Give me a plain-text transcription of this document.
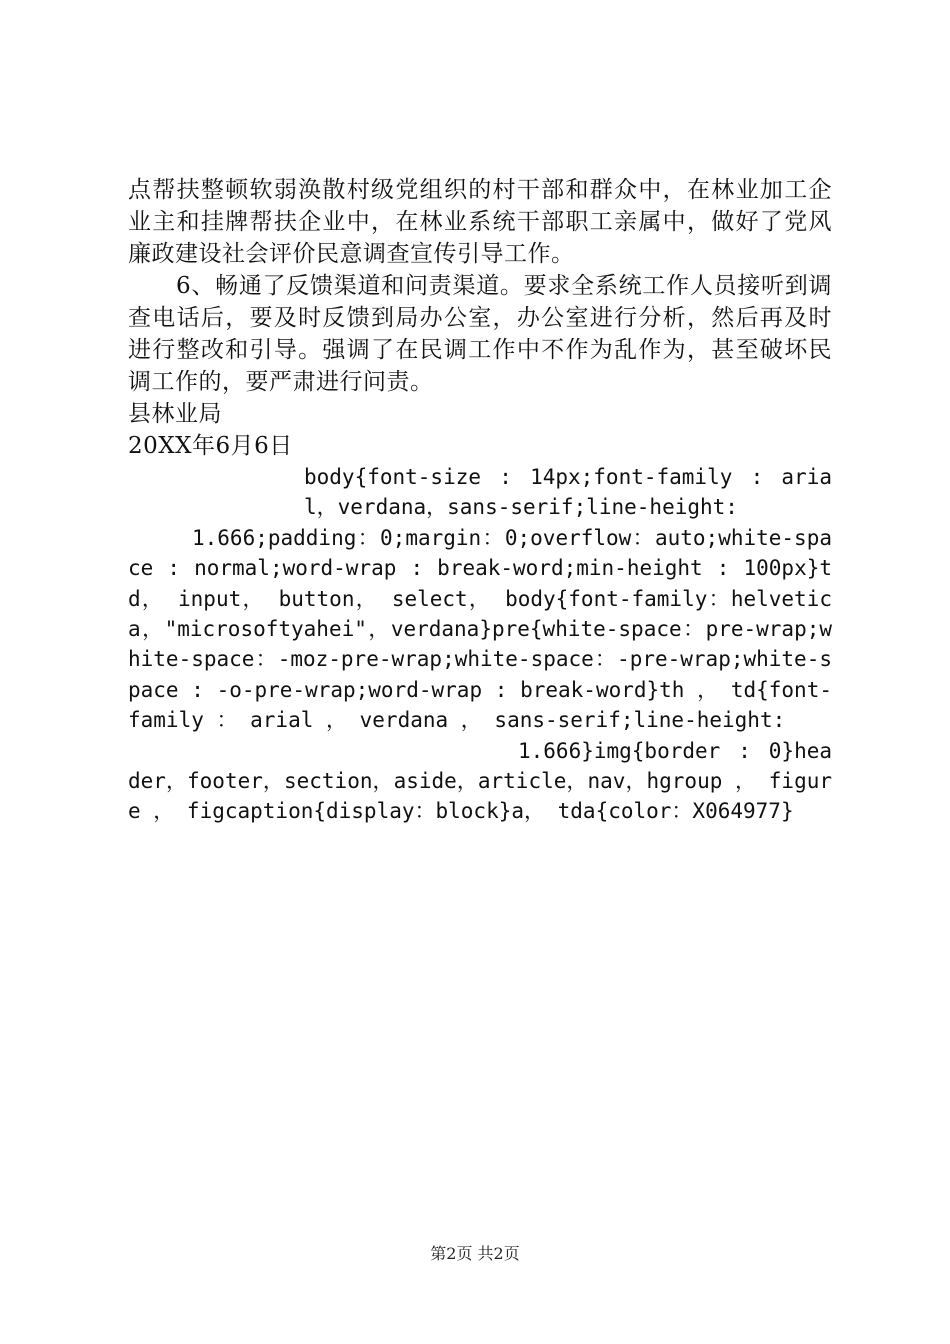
点帮扶整顿软弱涣散村级党组织的村干部和群众中，在林业加工企业主和挂牌帮扶企业中，在林业系统干部职工亲属中，做好了党风廉政建设社会评价民意调查宣传引导工作。

6、畅通了反馈渠道和问责渠道。要求全系统工作人员接听到调查电话后，要及时反馈到局办公室，办公室进行分析，然后再及时进行整改和引导。强调了在民调工作中不作为乱作为，甚至破坏民调工作的，要严肃进行问责。

县林业局

20XX年6月6日

body{font-size : 14px;font-family : arial，verdana，sans-serif;line-height:
1.666;padding：0;margin：0;overflow：auto;white-space : normal;word-wrap : break-word;min-height : 100px}td， input， button， select， body{font-family：helvetica，"microsoftyahei"，verdana}pre{white-space：pre-wrap;white-space：-moz-pre-wrap;white-space：-pre-wrap;white-space : -o-pre-wrap;word-wrap : break-word}th ， td{font-family ： arial ， verdana ， sans-serif;line-height:
1.666}img{border : 0}header，footer，section，aside，article，nav，hgroup ， figure ， figcaption{display：block}a， tda{color：X064977}
第2页 共2页
